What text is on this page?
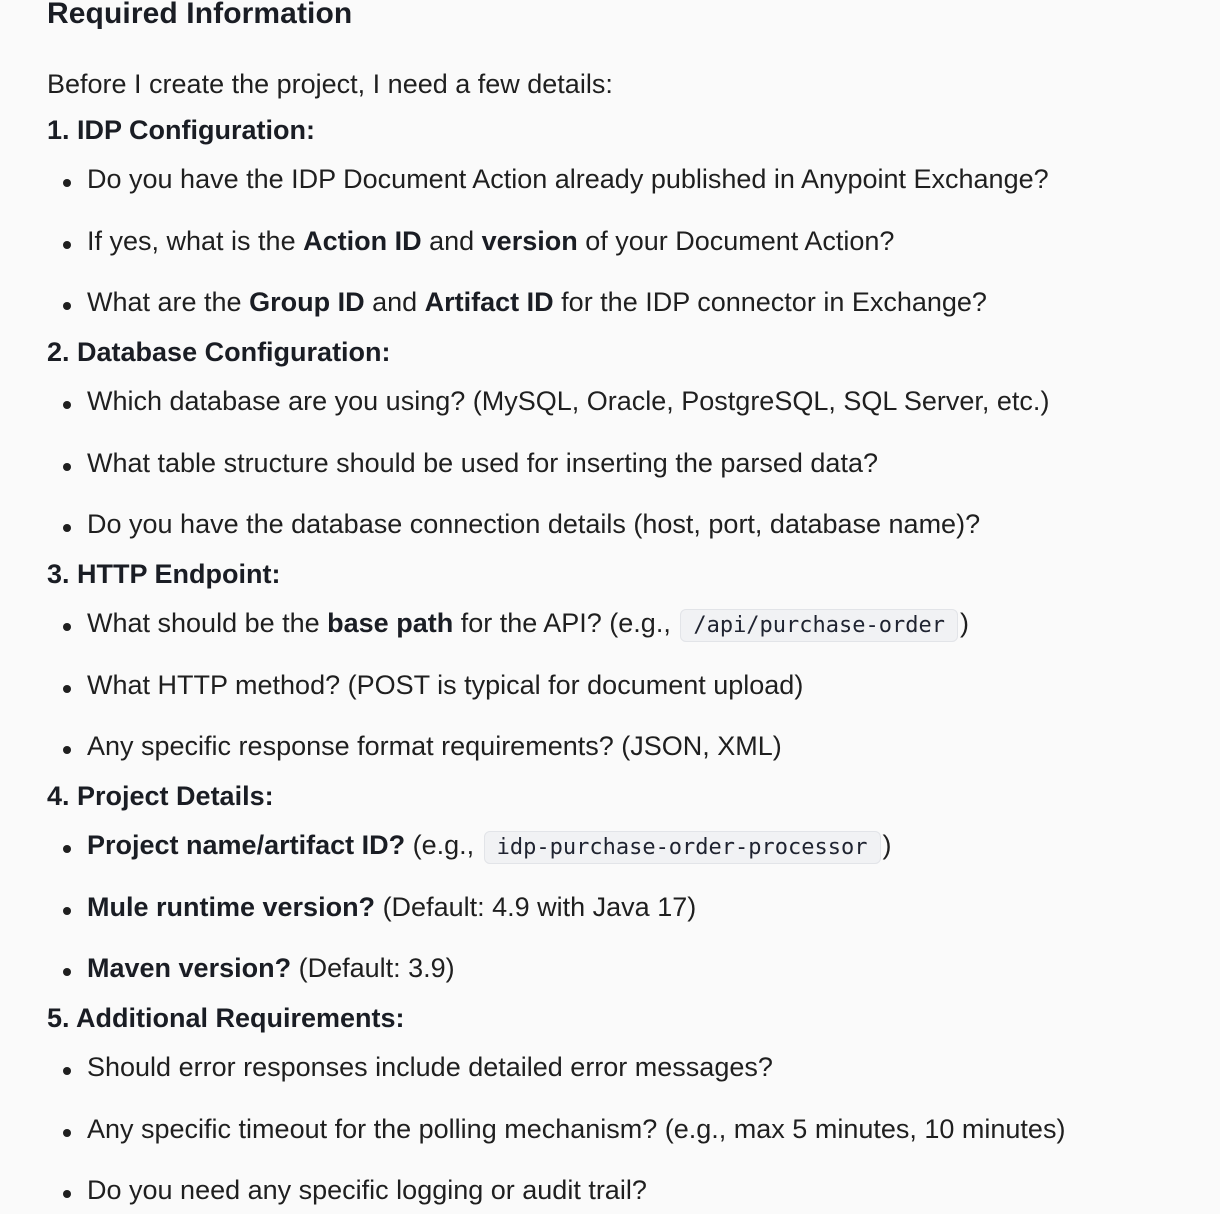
Required Information

Before I create the project, I need a few details:

1. IDP Configuration:
Do you have the IDP Document Action already published in Anypoint Exchange?
If yes, what is the Action ID and version of your Document Action?
What are the Group ID and Artifact ID for the IDP connector in Exchange?
2. Database Configuration:
Which database are you using? (MySQL, Oracle, PostgreSQL, SQL Server, etc.)
What table structure should be used for inserting the parsed data?
Do you have the database connection details (host, port, database name)?
3. HTTP Endpoint:
What should be the base path for the API? (e.g., /api/purchase-order )
What HTTP method? (POST is typical for document upload)
Any specific response format requirements? (JSON, XML)
4. Project Details:
Project name/artifact ID? (e.g., idp-purchase-order-processor )
Mule runtime version? (Default: 4.9 with Java 17)
Maven version? (Default: 3.9)
5. Additional Requirements:
Should error responses include detailed error messages?
Any specific timeout for the polling mechanism? (e.g., max 5 minutes, 10 minutes)
Do you need any specific logging or audit trail?
